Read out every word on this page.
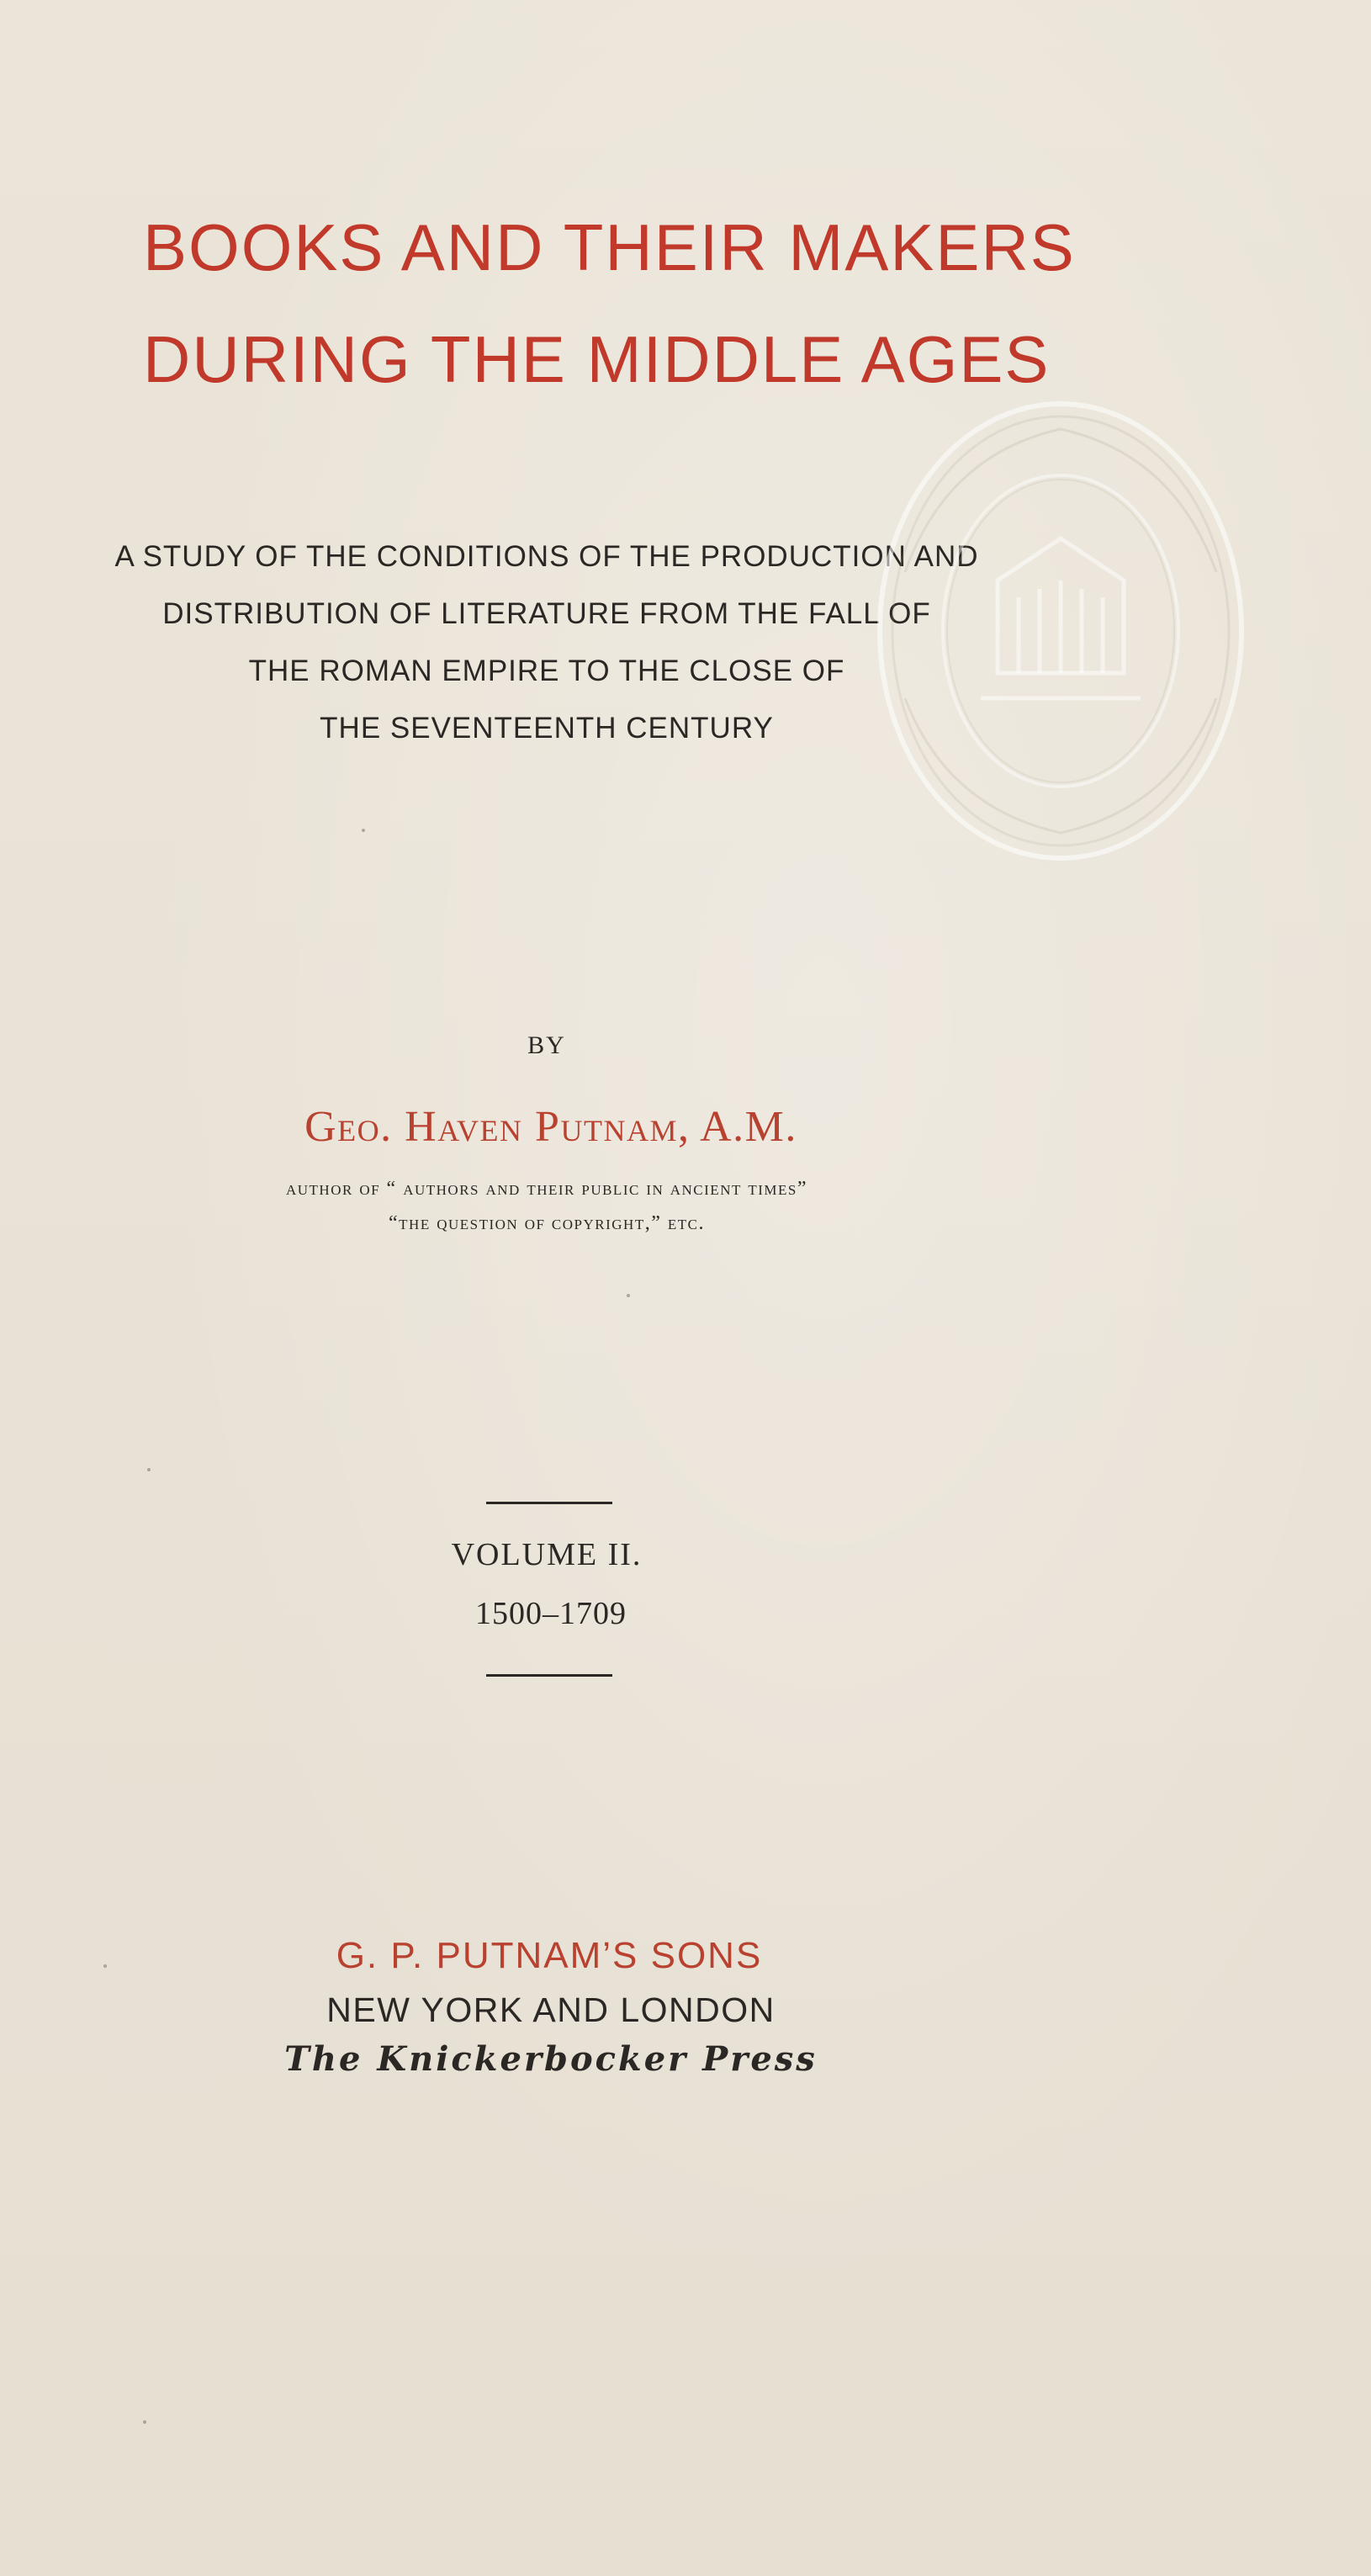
BOOKS AND THEIR MAKERS
DURING THE MIDDLE AGES
A STUDY OF THE CONDITIONS OF THE PRODUCTION AND
DISTRIBUTION OF LITERATURE FROM THE FALL OF
THE ROMAN EMPIRE TO THE CLOSE OF
THE SEVENTEENTH CENTURY
BY
Geo. Haven Putnam, A.M.
author of “ authors and their public in ancient times”
“the question of copyright,” etc.
VOLUME II.
1500–1709
G. P. PUTNAM’S SONS
NEW YORK AND LONDON
The Knickerbocker Press
